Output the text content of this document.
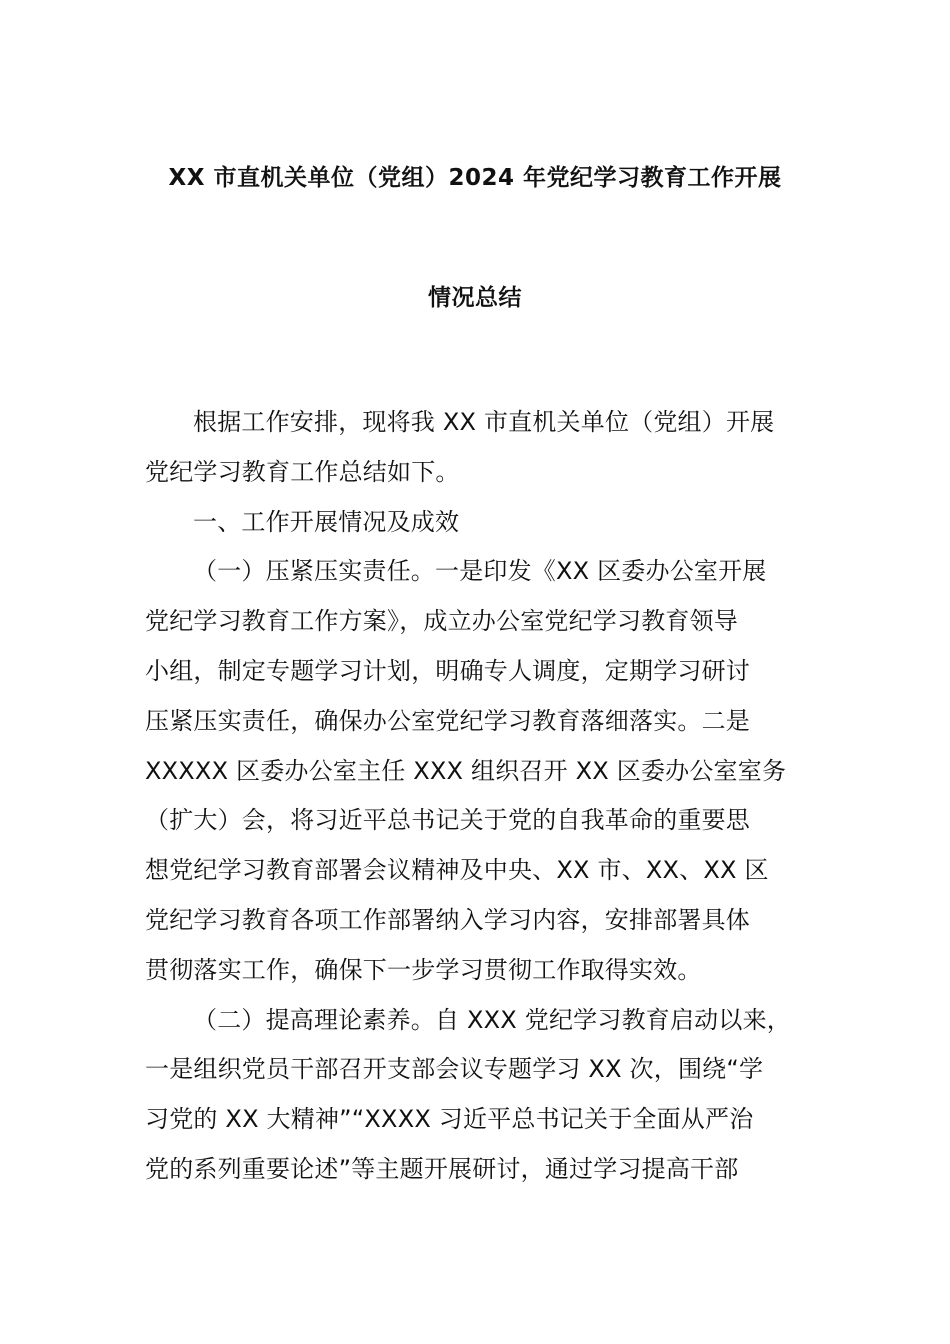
XX 市直机关单位（党组）2024 年党纪学习教育工作开展
情况总结
根据工作安排，现将我 XX 市直机关单位（党组）开展
党纪学习教育工作总结如下。
一、工作开展情况及成效
（一）压紧压实责任。一是印发《XX 区委办公室开展
党纪学习教育工作方案》，成立办公室党纪学习教育领导
小组，制定专题学习计划，明确专人调度，定期学习研讨
压紧压实责任，确保办公室党纪学习教育落细落实。二是
XXXXX 区委办公室主任 XXX 组织召开 XX 区委办公室室务
（扩大）会，将习近平总书记关于党的自我革命的重要思
想党纪学习教育部署会议精神及中央、XX 市、XX、XX 区
党纪学习教育各项工作部署纳入学习内容，安排部署具体
贯彻落实工作，确保下一步学习贯彻工作取得实效。
（二）提高理论素养。自 XXX 党纪学习教育启动以来，
一是组织党员干部召开支部会议专题学习 XX 次，围绕“学
习党的 XX 大精神”“XXXX 习近平总书记关于全面从严治
党的系列重要论述”等主题开展研讨，通过学习提高干部
